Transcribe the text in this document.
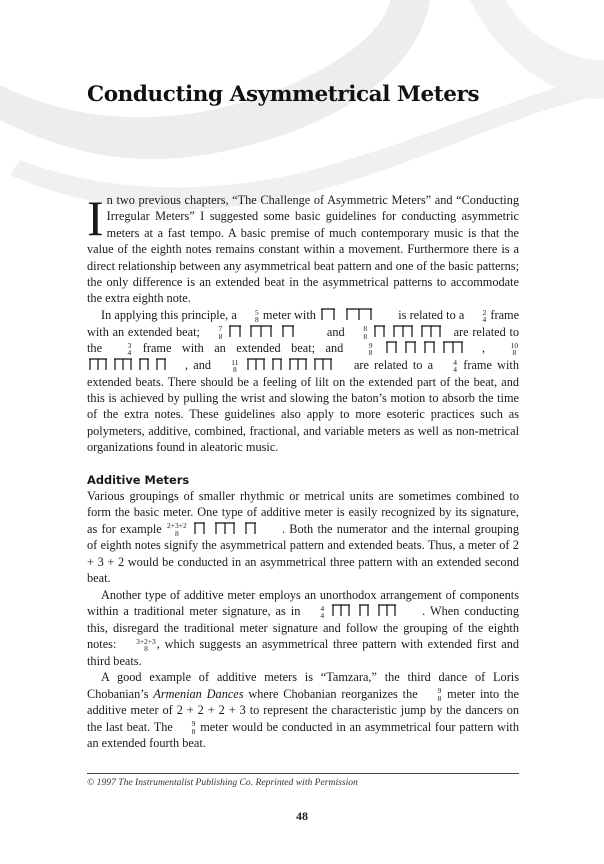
Conducting Asymmetrical Meters

In two previous chapters, “The Challenge of Asymmetric Meters” and “Conducting Irregular Meters” I suggested some basic guidelines for conducting asymmetric meters at a fast tempo. A basic premise of much contemporary music is that the value of the eighth notes remains constant within a movement. Furthermore there is a direct relationship between any asymmetrical beat pattern and one of the basic patterns; the only difference is an extended beat in the asymmetrical patterns to accommodate the extra eighth note.

In applying this principle, a	5
8 meter with	is related to a	2
4 frame with an extended beat;	7
8	and	8
8	are related to the	3
4 frame with an extended beat; and	9
8	,	10
8
, and	11
8	are related to a	4
4 frame with extended beats. There should be a feeling of lilt on the extended part of the beat, and this is achieved by pulling the wrist and slowing the baton’s motion to absorb the time of the extra notes. These guidelines also apply to more esoteric practices such as polymeters, additive, combined, fractional, and variable meters as well as non-metrical organizations found in aleatoric music.

Additive Meters

Various groupings of smaller rhythmic or metrical units are sometimes combined to form the basic meter. One type of additive meter is easily recognized by its signature, as for example 2+3+2
8	. Both the numerator and the internal grouping of eighth notes signify the asymmetrical pattern and extended beats. Thus, a meter of 2 + 3 + 2 would be conducted in an asymmetrical three pattern with an extended second beat.

Another type of additive meter employs an unorthodox arrangement of components within a traditional meter signature, as in	4
4	. When conducting this, disregard the traditional meter signature and follow the grouping of the eighth notes:	3+2+3
8 , which suggests an asymmetrical three pattern with extended first and third beats.

A good example of additive meters is “Tamzara,” the third dance of Loris Chobanian’s Armenian Dances where Chobanian reorganizes the	9
8 meter into the additive meter of 2 + 2 + 2 + 3 to represent the characteristic jump by the dancers on the last beat. The	9
8 meter would be conducted in an asymmetrical four pattern with an extended fourth beat.

© 1997 The Instrumentalist Publishing Co. Reprinted with Permission
48
